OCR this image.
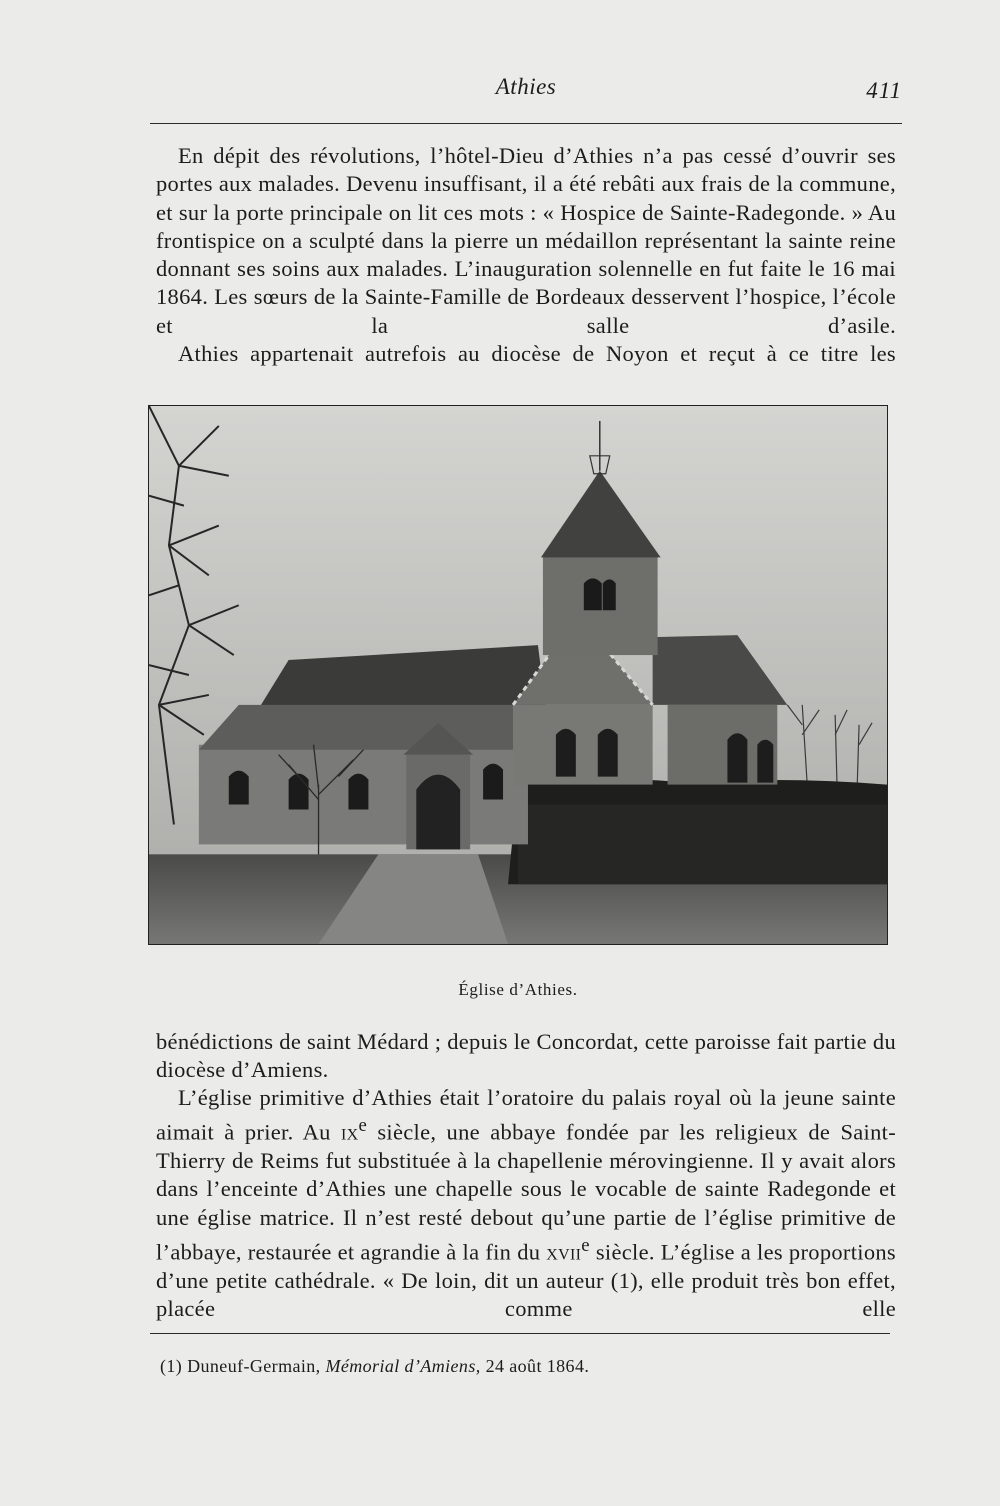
Athies	411

En dépit des révolutions, l’hôtel-Dieu d’Athies n’a pas cessé d’ouvrir ses portes aux malades. Devenu insuffisant, il a été rebâti aux frais de la commune, et sur la porte principale on lit ces mots : « Hospice de Sainte-Radegonde. » Au frontispice on a sculpté dans la pierre un médaillon représentant la sainte reine donnant ses soins aux malades. L’inauguration solennelle en fut faite le 16 mai 1864. Les sœurs de la Sainte-Famille de Bordeaux desservent l’hospice, l’école et la salle d’asile.

Athies appartenait autrefois au diocèse de Noyon et reçut à ce titre les

Église d’Athies.

bénédictions de saint Médard ; depuis le Concordat, cette paroisse fait partie du diocèse d’Amiens.

L’église primitive d’Athies était l’oratoire du palais royal où la jeune sainte aimait à prier. Au $ix^e$ siècle, une abbaye fondée par les religieux de Saint-Thierry de Reims fut substituée à la chapellenie mérovingienne. Il y avait alors dans l’enceinte d’Athies une chapelle sous le vocable de sainte Radegonde et une église matrice. Il n’est resté debout qu’une partie de l’église primitive de l’abbaye, restaurée et agrandie à la fin du xvii$^e$ siècle. L’église a les proportions d’une petite cathédrale. « De loin, dit un auteur (1), elle produit très bon effet, placée comme elle

(1) Duneuf-Germain, Mémorial d’Amiens, 24 août 1864.
